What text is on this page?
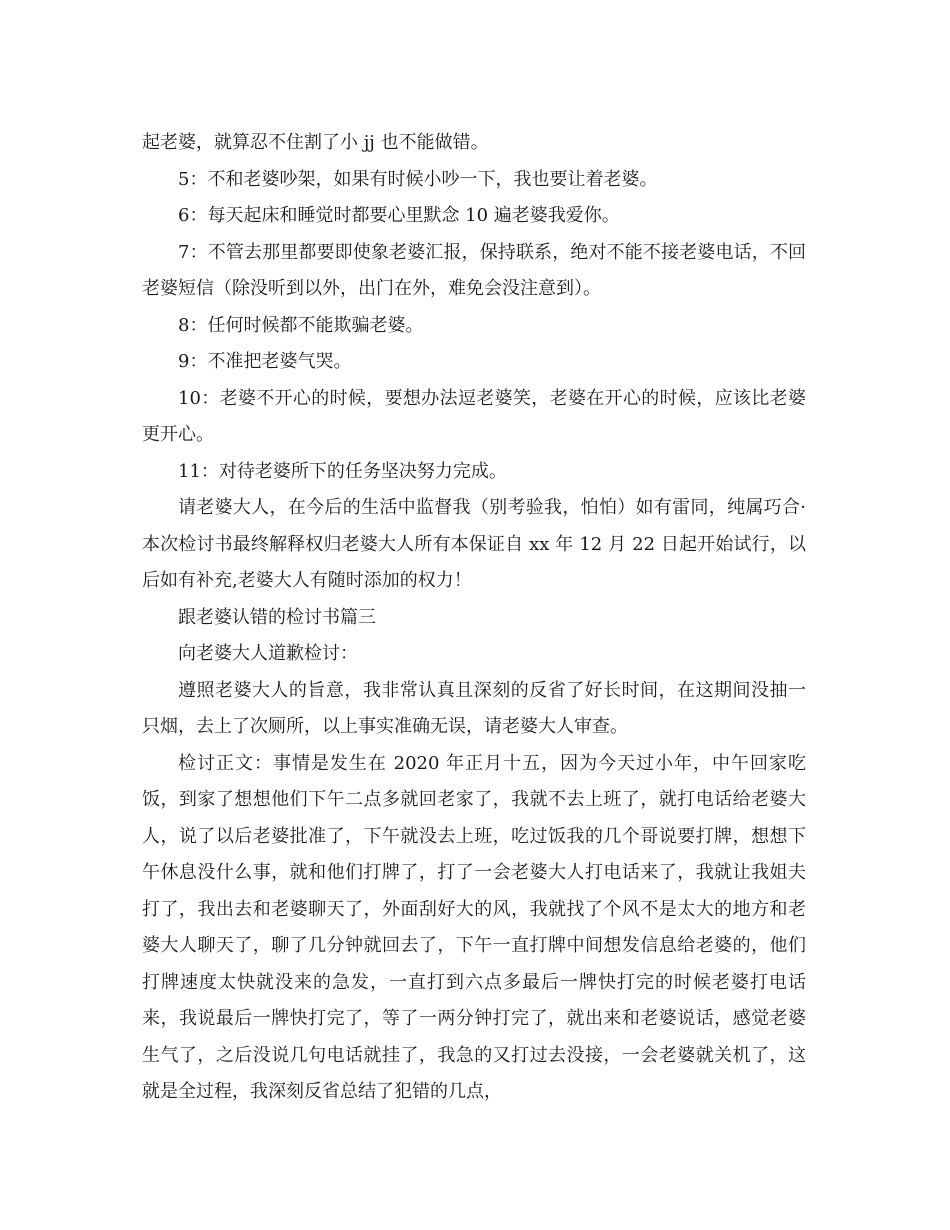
起老婆，就算忍不住割了小 jj 也不能做错。

5：不和老婆吵架，如果有时候小吵一下，我也要让着老婆。

6：每天起床和睡觉时都要心里默念 10 遍老婆我爱你。

7：不管去那里都要即使象老婆汇报，保持联系，绝对不能不接老婆电话，不回老婆短信（除没听到以外，出门在外，难免会没注意到）。

8：任何时候都不能欺骗老婆。

9：不准把老婆气哭。

10：老婆不开心的时候，要想办法逗老婆笑，老婆在开心的时候，应该比老婆更开心。

11：对待老婆所下的任务坚决努力完成。

请老婆大人，在今后的生活中监督我（别考验我，怕怕）如有雷同，纯属巧合·本次检讨书最终解释权归老婆大人所有本保证自 xx 年 12 月 22 日起开始试行，以后如有补充,老婆大人有随时添加的权力！

跟老婆认错的检讨书篇三

向老婆大人道歉检讨：

遵照老婆大人的旨意，我非常认真且深刻的反省了好长时间，在这期间没抽一只烟，去上了次厕所，以上事实准确无误，请老婆大人审查。

检讨正文：事情是发生在 2020 年正月十五，因为今天过小年，中午回家吃饭，到家了想想他们下午二点多就回老家了，我就不去上班了，就打电话给老婆大人，说了以后老婆批准了，下午就没去上班，吃过饭我的几个哥说要打牌，想想下午休息没什么事，就和他们打牌了，打了一会老婆大人打电话来了，我就让我姐夫打了，我出去和老婆聊天了，外面刮好大的风，我就找了个风不是太大的地方和老婆大人聊天了，聊了几分钟就回去了，下午一直打牌中间想发信息给老婆的，他们打牌速度太快就没来的急发，一直打到六点多最后一牌快打完的时候老婆打电话来，我说最后一牌快打完了，等了一两分钟打完了，就出来和老婆说话，感觉老婆生气了，之后没说几句电话就挂了，我急的又打过去没接，一会老婆就关机了，这就是全过程，我深刻反省总结了犯错的几点，
